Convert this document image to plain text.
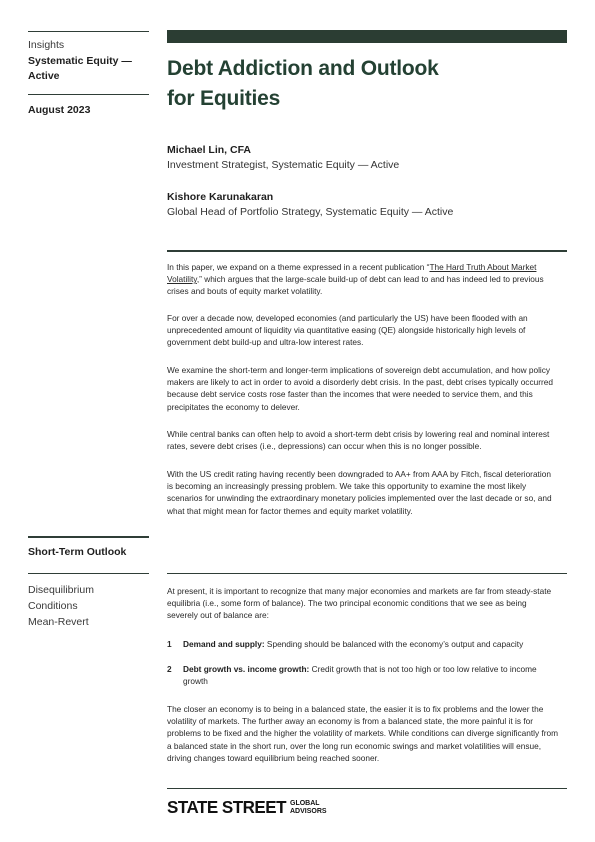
Insights
Systematic Equity —
Active
August 2023
Debt Addiction and Outlook
for Equities
Michael Lin, CFA
Investment Strategist, Systematic Equity — Active
Kishore Karunakaran
Global Head of Portfolio Strategy, Systematic Equity — Active
In this paper, we expand on a theme expressed in a recent publication “The Hard Truth About Market Volatility,” which argues that the large-scale build-up of debt can lead to and has indeed led to previous crises and bouts of equity market volatility.
For over a decade now, developed economies (and particularly the US) have been flooded with an unprecedented amount of liquidity via quantitative easing (QE) alongside historically high levels of government debt build-up and ultra-low interest rates.
We examine the short-term and longer-term implications of sovereign debt accumulation, and how policy makers are likely to act in order to avoid a disorderly debt crisis. In the past, debt crises typically occurred because debt service costs rose faster than the incomes that were needed to service them, and this precipitates the economy to delever.
While central banks can often help to avoid a short-term debt crisis by lowering real and nominal interest rates, severe debt crises (i.e., depressions) can occur when this is no longer possible.
With the US credit rating having recently been downgraded to AA+ from AAA by Fitch, fiscal deterioration is becoming an increasingly pressing problem. We take this opportunity to examine the most likely scenarios for unwinding the extraordinary monetary policies implemented over the last decade or so, and what that might mean for factor themes and equity market volatility.
Short-Term Outlook
Disequilibrium
Conditions
Mean-Revert
At present, it is important to recognize that many major economies and markets are far from steady-state equilibria (i.e., some form of balance). The two principal economic conditions that we see as being severely out of balance are:
1	Demand and supply: Spending should be balanced with the economy’s output and capacity
2	Debt growth vs. income growth: Credit growth that is not too high or too low relative to income growth
The closer an economy is to being in a balanced state, the easier it is to fix problems and the lower the volatility of markets. The further away an economy is from a balanced state, the more painful it is for problems to be fixed and the higher the volatility of markets. While conditions can diverge significantly from a balanced state in the short run, over the long run economic swings and market volatilities will ensue, driving changes toward equilibrium being reached sooner.
STATE STREET GLOBAL
ADVISORS
